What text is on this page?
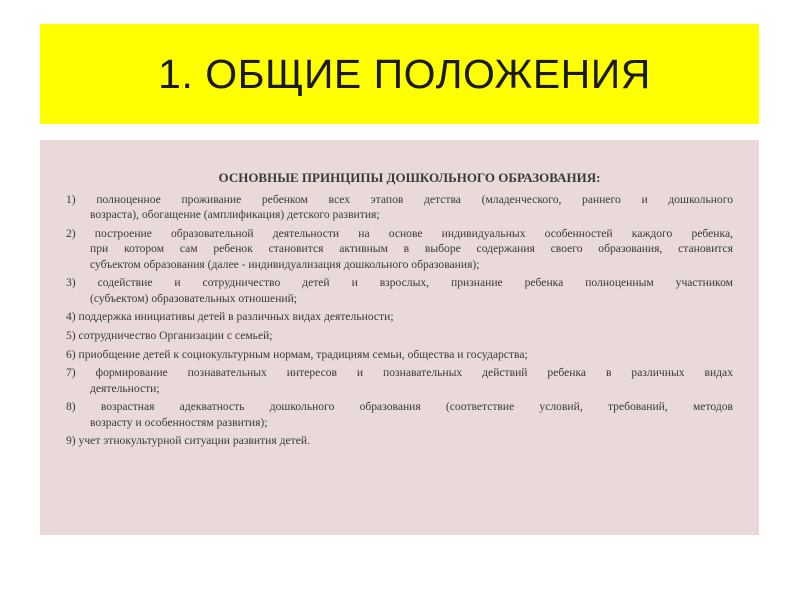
1. ОБЩИЕ ПОЛОЖЕНИЯ
ОСНОВНЫЕ ПРИНЦИПЫ ДОШКОЛЬНОГО ОБРАЗОВАНИЯ:
1) полноценное проживание ребенком всех этапов детства (младенческого, раннего и дошкольного
возраста), обогащение (амплификация) детского развития;
2) построение образовательной деятельности на основе индивидуальных особенностей каждого ребенка,
при котором сам ребенок становится активным в выборе содержания своего образования, становится
субъектом образования (далее - индивидуализация дошкольного образования);
3) содействие и сотрудничество детей и взрослых, признание ребенка полноценным участником
(субъектом) образовательных отношений;
4) поддержка инициативы детей в различных видах деятельности;
5) сотрудничество Организации с семьей;
6) приобщение детей к социокультурным нормам, традициям семьи, общества и государства;
7) формирование познавательных интересов и познавательных действий ребенка в различных видах
деятельности;
8) возрастная адекватность дошкольного образования (соответствие условий, требований, методов
возрасту и особенностям развития);
9) учет этнокультурной ситуации развития детей.
